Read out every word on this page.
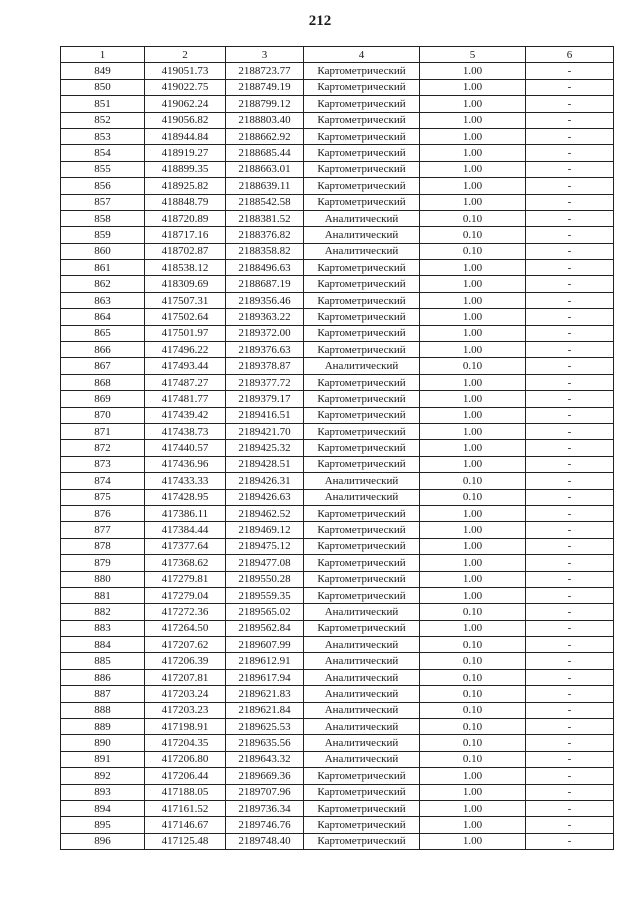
212
1	2	3	4	5	6
849	419051.73	2188723.77	Картометрический	1.00	-
850	419022.75	2188749.19	Картометрический	1.00	-
851	419062.24	2188799.12	Картометрический	1.00	-
852	419056.82	2188803.40	Картометрический	1.00	-
853	418944.84	2188662.92	Картометрический	1.00	-
854	418919.27	2188685.44	Картометрический	1.00	-
855	418899.35	2188663.01	Картометрический	1.00	-
856	418925.82	2188639.11	Картометрический	1.00	-
857	418848.79	2188542.58	Картометрический	1.00	-
858	418720.89	2188381.52	Аналитический	0.10	-
859	418717.16	2188376.82	Аналитический	0.10	-
860	418702.87	2188358.82	Аналитический	0.10	-
861	418538.12	2188496.63	Картометрический	1.00	-
862	418309.69	2188687.19	Картометрический	1.00	-
863	417507.31	2189356.46	Картометрический	1.00	-
864	417502.64	2189363.22	Картометрический	1.00	-
865	417501.97	2189372.00	Картометрический	1.00	-
866	417496.22	2189376.63	Картометрический	1.00	-
867	417493.44	2189378.87	Аналитический	0.10	-
868	417487.27	2189377.72	Картометрический	1.00	-
869	417481.77	2189379.17	Картометрический	1.00	-
870	417439.42	2189416.51	Картометрический	1.00	-
871	417438.73	2189421.70	Картометрический	1.00	-
872	417440.57	2189425.32	Картометрический	1.00	-
873	417436.96	2189428.51	Картометрический	1.00	-
874	417433.33	2189426.31	Аналитический	0.10	-
875	417428.95	2189426.63	Аналитический	0.10	-
876	417386.11	2189462.52	Картометрический	1.00	-
877	417384.44	2189469.12	Картометрический	1.00	-
878	417377.64	2189475.12	Картометрический	1.00	-
879	417368.62	2189477.08	Картометрический	1.00	-
880	417279.81	2189550.28	Картометрический	1.00	-
881	417279.04	2189559.35	Картометрический	1.00	-
882	417272.36	2189565.02	Аналитический	0.10	-
883	417264.50	2189562.84	Картометрический	1.00	-
884	417207.62	2189607.99	Аналитический	0.10	-
885	417206.39	2189612.91	Аналитический	0.10	-
886	417207.81	2189617.94	Аналитический	0.10	-
887	417203.24	2189621.83	Аналитический	0.10	-
888	417203.23	2189621.84	Аналитический	0.10	-
889	417198.91	2189625.53	Аналитический	0.10	-
890	417204.35	2189635.56	Аналитический	0.10	-
891	417206.80	2189643.32	Аналитический	0.10	-
892	417206.44	2189669.36	Картометрический	1.00	-
893	417188.05	2189707.96	Картометрический	1.00	-
894	417161.52	2189736.34	Картометрический	1.00	-
895	417146.67	2189746.76	Картометрический	1.00	-
896	417125.48	2189748.40	Картометрический	1.00	-
